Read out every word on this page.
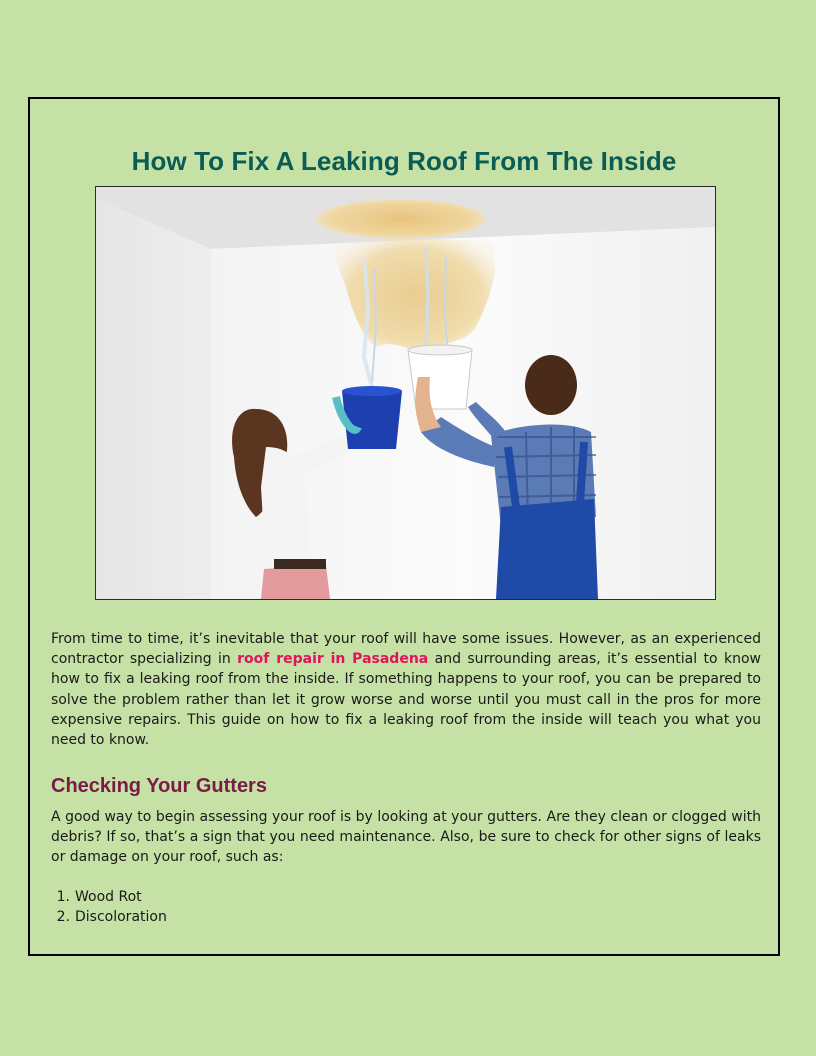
How To Fix A Leaking Roof From The Inside

From time to time, it’s inevitable that your roof will have some issues. However, as an experienced contractor specializing in roof repair in Pasadena and surrounding areas, it’s essential to know how to fix a leaking roof from the inside. If something happens to your roof, you can be prepared to solve the problem rather than let it grow worse and worse until you must call in the pros for more expensive repairs. This guide on how to fix a leaking roof from the inside will teach you what you need to know.

Checking Your Gutters

A good way to begin assessing your roof is by looking at your gutters. Are they clean or clogged with debris? If so, that’s a sign that you need maintenance. Also, be sure to check for other signs of leaks or damage on your roof, such as:

1. Wood Rot
2. Discoloration
